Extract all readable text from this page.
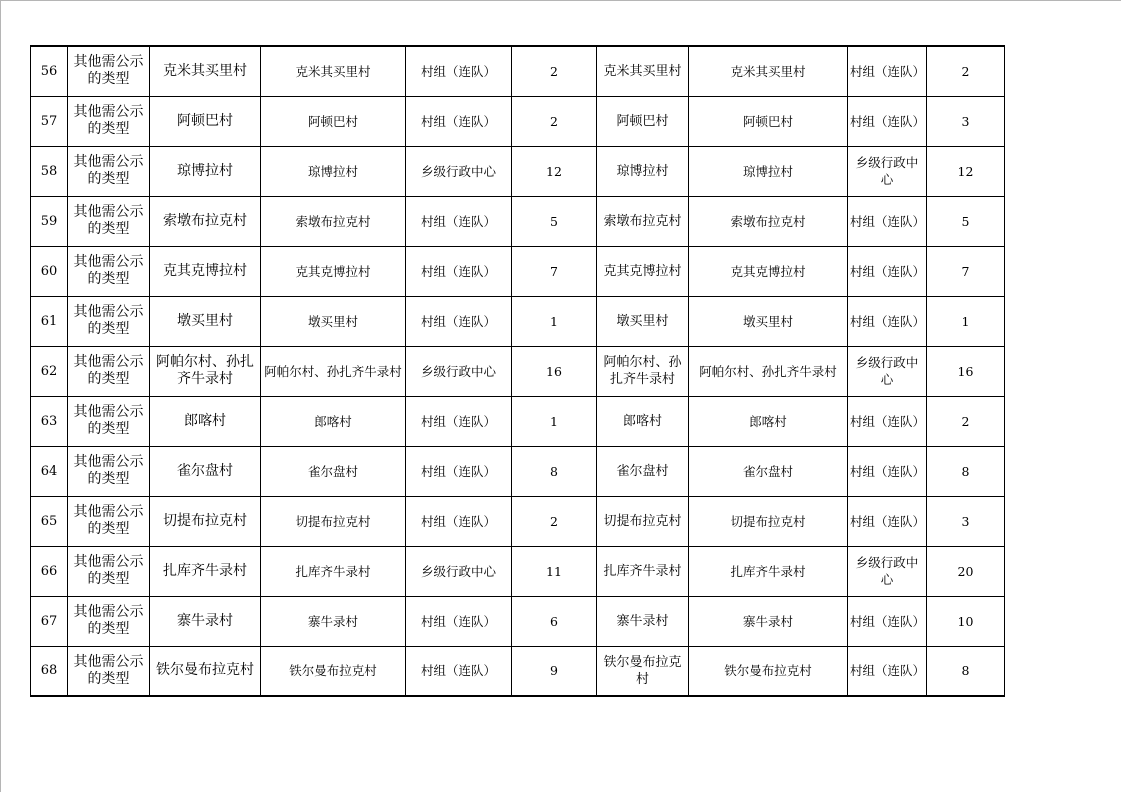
56	其他需公示的类型	克米其买里村	克米其买里村	村组（连队）	2	克米其买里村	克米其买里村	村组（连队）	2
57	其他需公示的类型	阿顿巴村	阿顿巴村	村组（连队）	2	阿顿巴村	阿顿巴村	村组（连队）	3
58	其他需公示的类型	琼博拉村	琼博拉村	乡级行政中心	12	琼博拉村	琼博拉村	乡级行政中心	12
59	其他需公示的类型	索墩布拉克村	索墩布拉克村	村组（连队）	5	索墩布拉克村	索墩布拉克村	村组（连队）	5
60	其他需公示的类型	克其克博拉村	克其克博拉村	村组（连队）	7	克其克博拉村	克其克博拉村	村组（连队）	7
61	其他需公示的类型	墩买里村	墩买里村	村组（连队）	1	墩买里村	墩买里村	村组（连队）	1
62	其他需公示的类型	阿帕尔村、孙扎齐牛录村	阿帕尔村、孙扎齐牛录村	乡级行政中心	16	阿帕尔村、孙扎齐牛录村	阿帕尔村、孙扎齐牛录村	乡级行政中心	16
63	其他需公示的类型	郎喀村	郎喀村	村组（连队）	1	郎喀村	郎喀村	村组（连队）	2
64	其他需公示的类型	雀尔盘村	雀尔盘村	村组（连队）	8	雀尔盘村	雀尔盘村	村组（连队）	8
65	其他需公示的类型	切提布拉克村	切提布拉克村	村组（连队）	2	切提布拉克村	切提布拉克村	村组（连队）	3
66	其他需公示的类型	扎库齐牛录村	扎库齐牛录村	乡级行政中心	11	扎库齐牛录村	扎库齐牛录村	乡级行政中心	20
67	其他需公示的类型	寨牛录村	寨牛录村	村组（连队）	6	寨牛录村	寨牛录村	村组（连队）	10
68	其他需公示的类型	铁尔曼布拉克村	铁尔曼布拉克村	村组（连队）	9	铁尔曼布拉克村	铁尔曼布拉克村	村组（连队）	8
